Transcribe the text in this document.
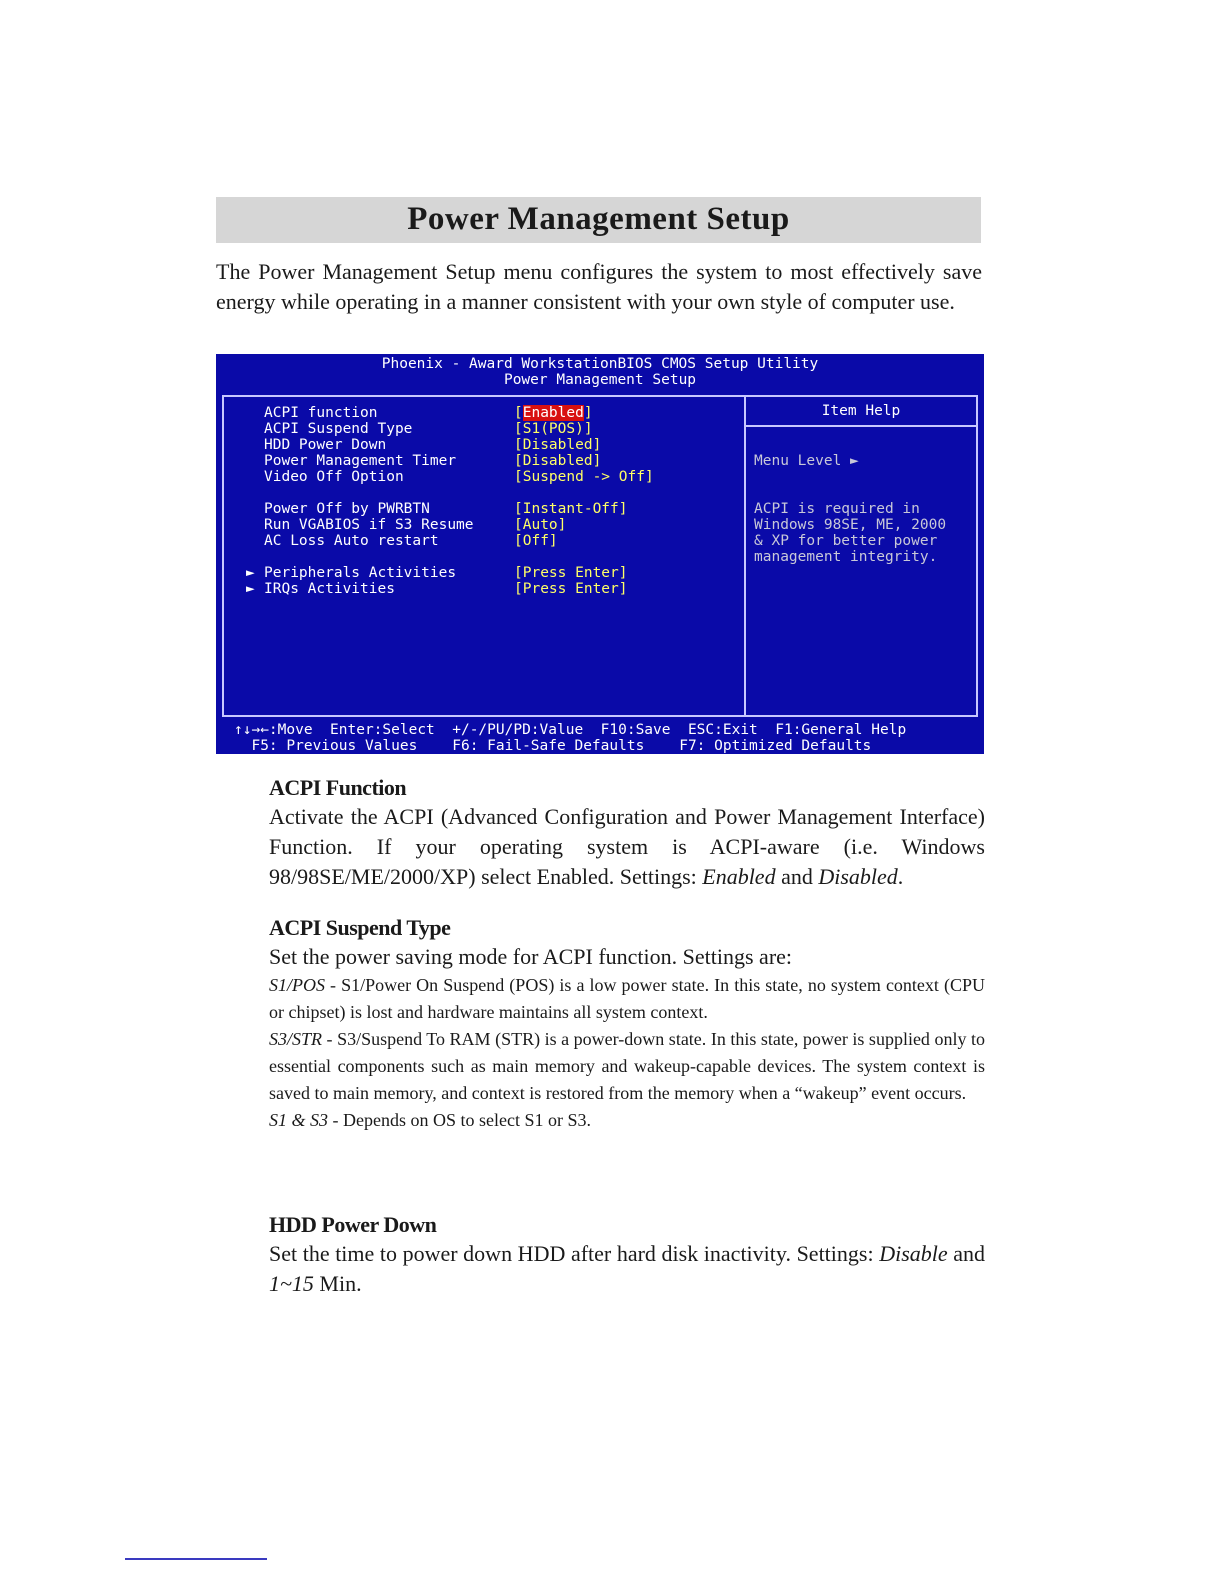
Power Management Setup

The Power Management Setup menu configures the system to most effectively save energy while operating in a manner consistent with your own style of computer use.

Phoenix - Award WorkstationBIOS CMOS Setup Utility
Power Management Setup
Item Help
ACPI function	[Enabled]
ACPI Suspend Type	[S1(POS)]
HDD Power Down	[Disabled]
Power Management Timer	[Disabled]
Video Off Option	[Suspend -> Off]
Power Off by PWRBTN	[Instant-Off]
Run VGABIOS if S3 Resume	[Auto]
AC Loss Auto restart	[Off]
► Peripherals Activities	[Press Enter]
► IRQs Activities	[Press Enter]

Menu Level ►

ACPI is required in
Windows 98SE, ME, 2000
& XP for better power
management integrity.

↑↓→←:Move  Enter:Select  +/-/PU/PD:Value  F10:Save  ESC:Exit  F1:General Help
F5: Previous Values    F6: Fail-Safe Defaults    F7: Optimized Defaults
ACPI Function

Activate the ACPI (Advanced Configuration and Power Management Interface) Function. If your operating system is ACPI-aware (i.e. Windows 98/98SE/ME/2000/XP) select Enabled. Settings: Enabled and Disabled.

ACPI Suspend Type

Set the power saving mode for ACPI function. Settings are:

S1/POS - S1/Power On Suspend (POS) is a low power state. In this state, no system context (CPU or chipset) is lost and hardware maintains all system context.

S3/STR - S3/Suspend To RAM (STR) is a power-down state. In this state, power is supplied only to essential components such as main memory and wakeup-capable devices. The system context is saved to main memory, and context is restored from the memory when a “wakeup” event occurs.

S1 & S3 - Depends on OS to select S1 or S3.

HDD Power Down

Set the time to power down HDD after hard disk inactivity. Settings: Disable and 1~15 Min.
